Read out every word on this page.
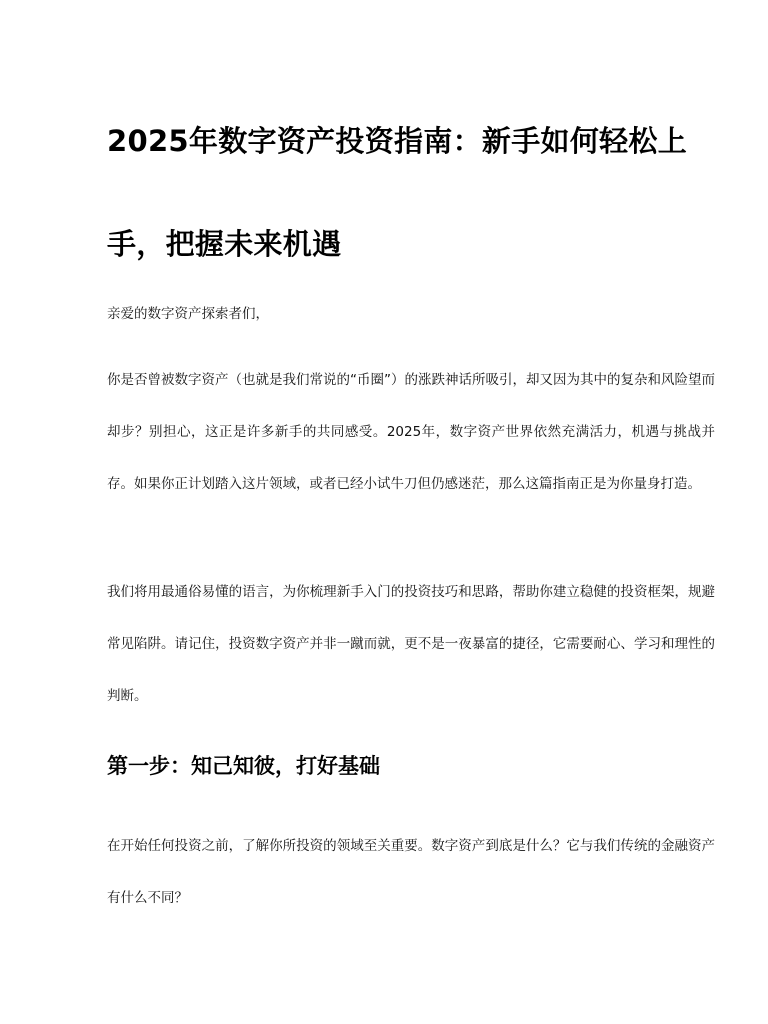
2025年数字资产投资指南：新手如何轻松上手，把握未来机遇

亲爱的数字资产探索者们，

你是否曾被数字资产（也就是我们常说的“币圈”）的涨跌神话所吸引，却又因为其中的复杂和风险望而却步？别担心，这正是许多新手的共同感受。2025年，数字资产世界依然充满活力，机遇与挑战并存。如果你正计划踏入这片领域，或者已经小试牛刀但仍感迷茫，那么这篇指南正是为你量身打造。

我们将用最通俗易懂的语言，为你梳理新手入门的投资技巧和思路，帮助你建立稳健的投资框架，规避常见陷阱。请记住，投资数字资产并非一蹴而就，更不是一夜暴富的捷径，它需要耐心、学习和理性的判断。

第一步：知己知彼，打好基础

在开始任何投资之前，了解你所投资的领域至关重要。数字资产到底是什么？它与我们传统的金融资产有什么不同？
